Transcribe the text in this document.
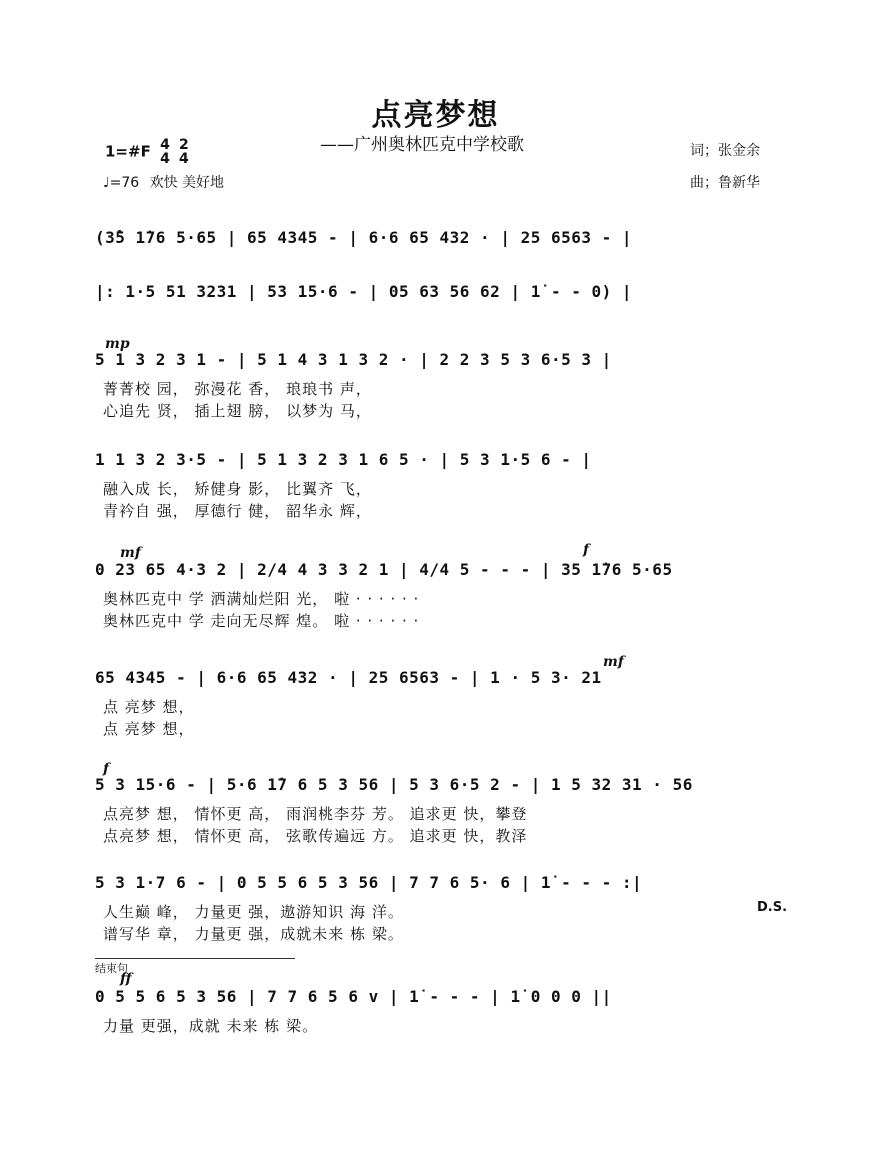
点亮梦想
——广州奥林匹克中学校歌
1=#F 4
4 2
4
♩=76 欢快 美好地
词；张金余
曲；鲁新华
(3̂5 1̇76 5·65 | 65 4345 - | 6·6 65 432 · | 25 6563 - |
|: 1·5 51 3231 | 53 15·6 - | 05 63 56 62 | 1̇ - - 0) |
mp
5 1 3 2 3 1 - | 5 1 4 3 1 3 2 · | 2 2 3 5 3 6·5 3 |
菁菁校 园， 弥漫花 香， 琅琅书 声，
心追先 贤， 插上翅 膀， 以梦为 马，
1 1 3 2 3·5 - | 5 1 3 2 3 1 6 5 · | 5 3 1·5 6 - |
融入成 长， 矫健身 影， 比翼齐 飞，
青衿自 强， 厚德行 健， 韶华永 辉，
mf	f
0 23 65 4·3 2 | 2/4 4 3 3 2 1 | 4/4 5 - - - | 35 1̇76 5·65
奥林匹克中 学 洒满灿烂阳 光， 啦 · · · · · ·
奥林匹克中 学 走向无尽辉 煌。 啦 · · · · · ·
mf
65 4345 - | 6·6 65 432 · | 25 6563 - | 1 · 5 3· 21
点 亮梦 想，
点 亮梦 想，
f
5 3 15·6 - | 5·6 1̇7 6 5 3 56 | 5 3 6·5 2 - | 1 5 32 31 · 56
点亮梦 想， 情怀更 高， 雨润桃李芬 芳。 追求更 快，攀登
点亮梦 想， 情怀更 高， 弦歌传遍远 方。 追求更 快，教泽
5 3 1·7 6 - | 0 5 5 6 5 3 56 | 7 7 6 5· 6 | 1̇ - - - :|
人生巅 峰， 力量更 强，遨游知识 海 洋。
谱写华 章， 力量更 强，成就未来 栋 梁。
D.S.
结束句
ff
0 5 5 6 5 3 56 | 7 7 6 5 6 v | 1̇ - - - | 1̇ 0 0 0 ||
力量 更强，成就 未来 栋 梁。
